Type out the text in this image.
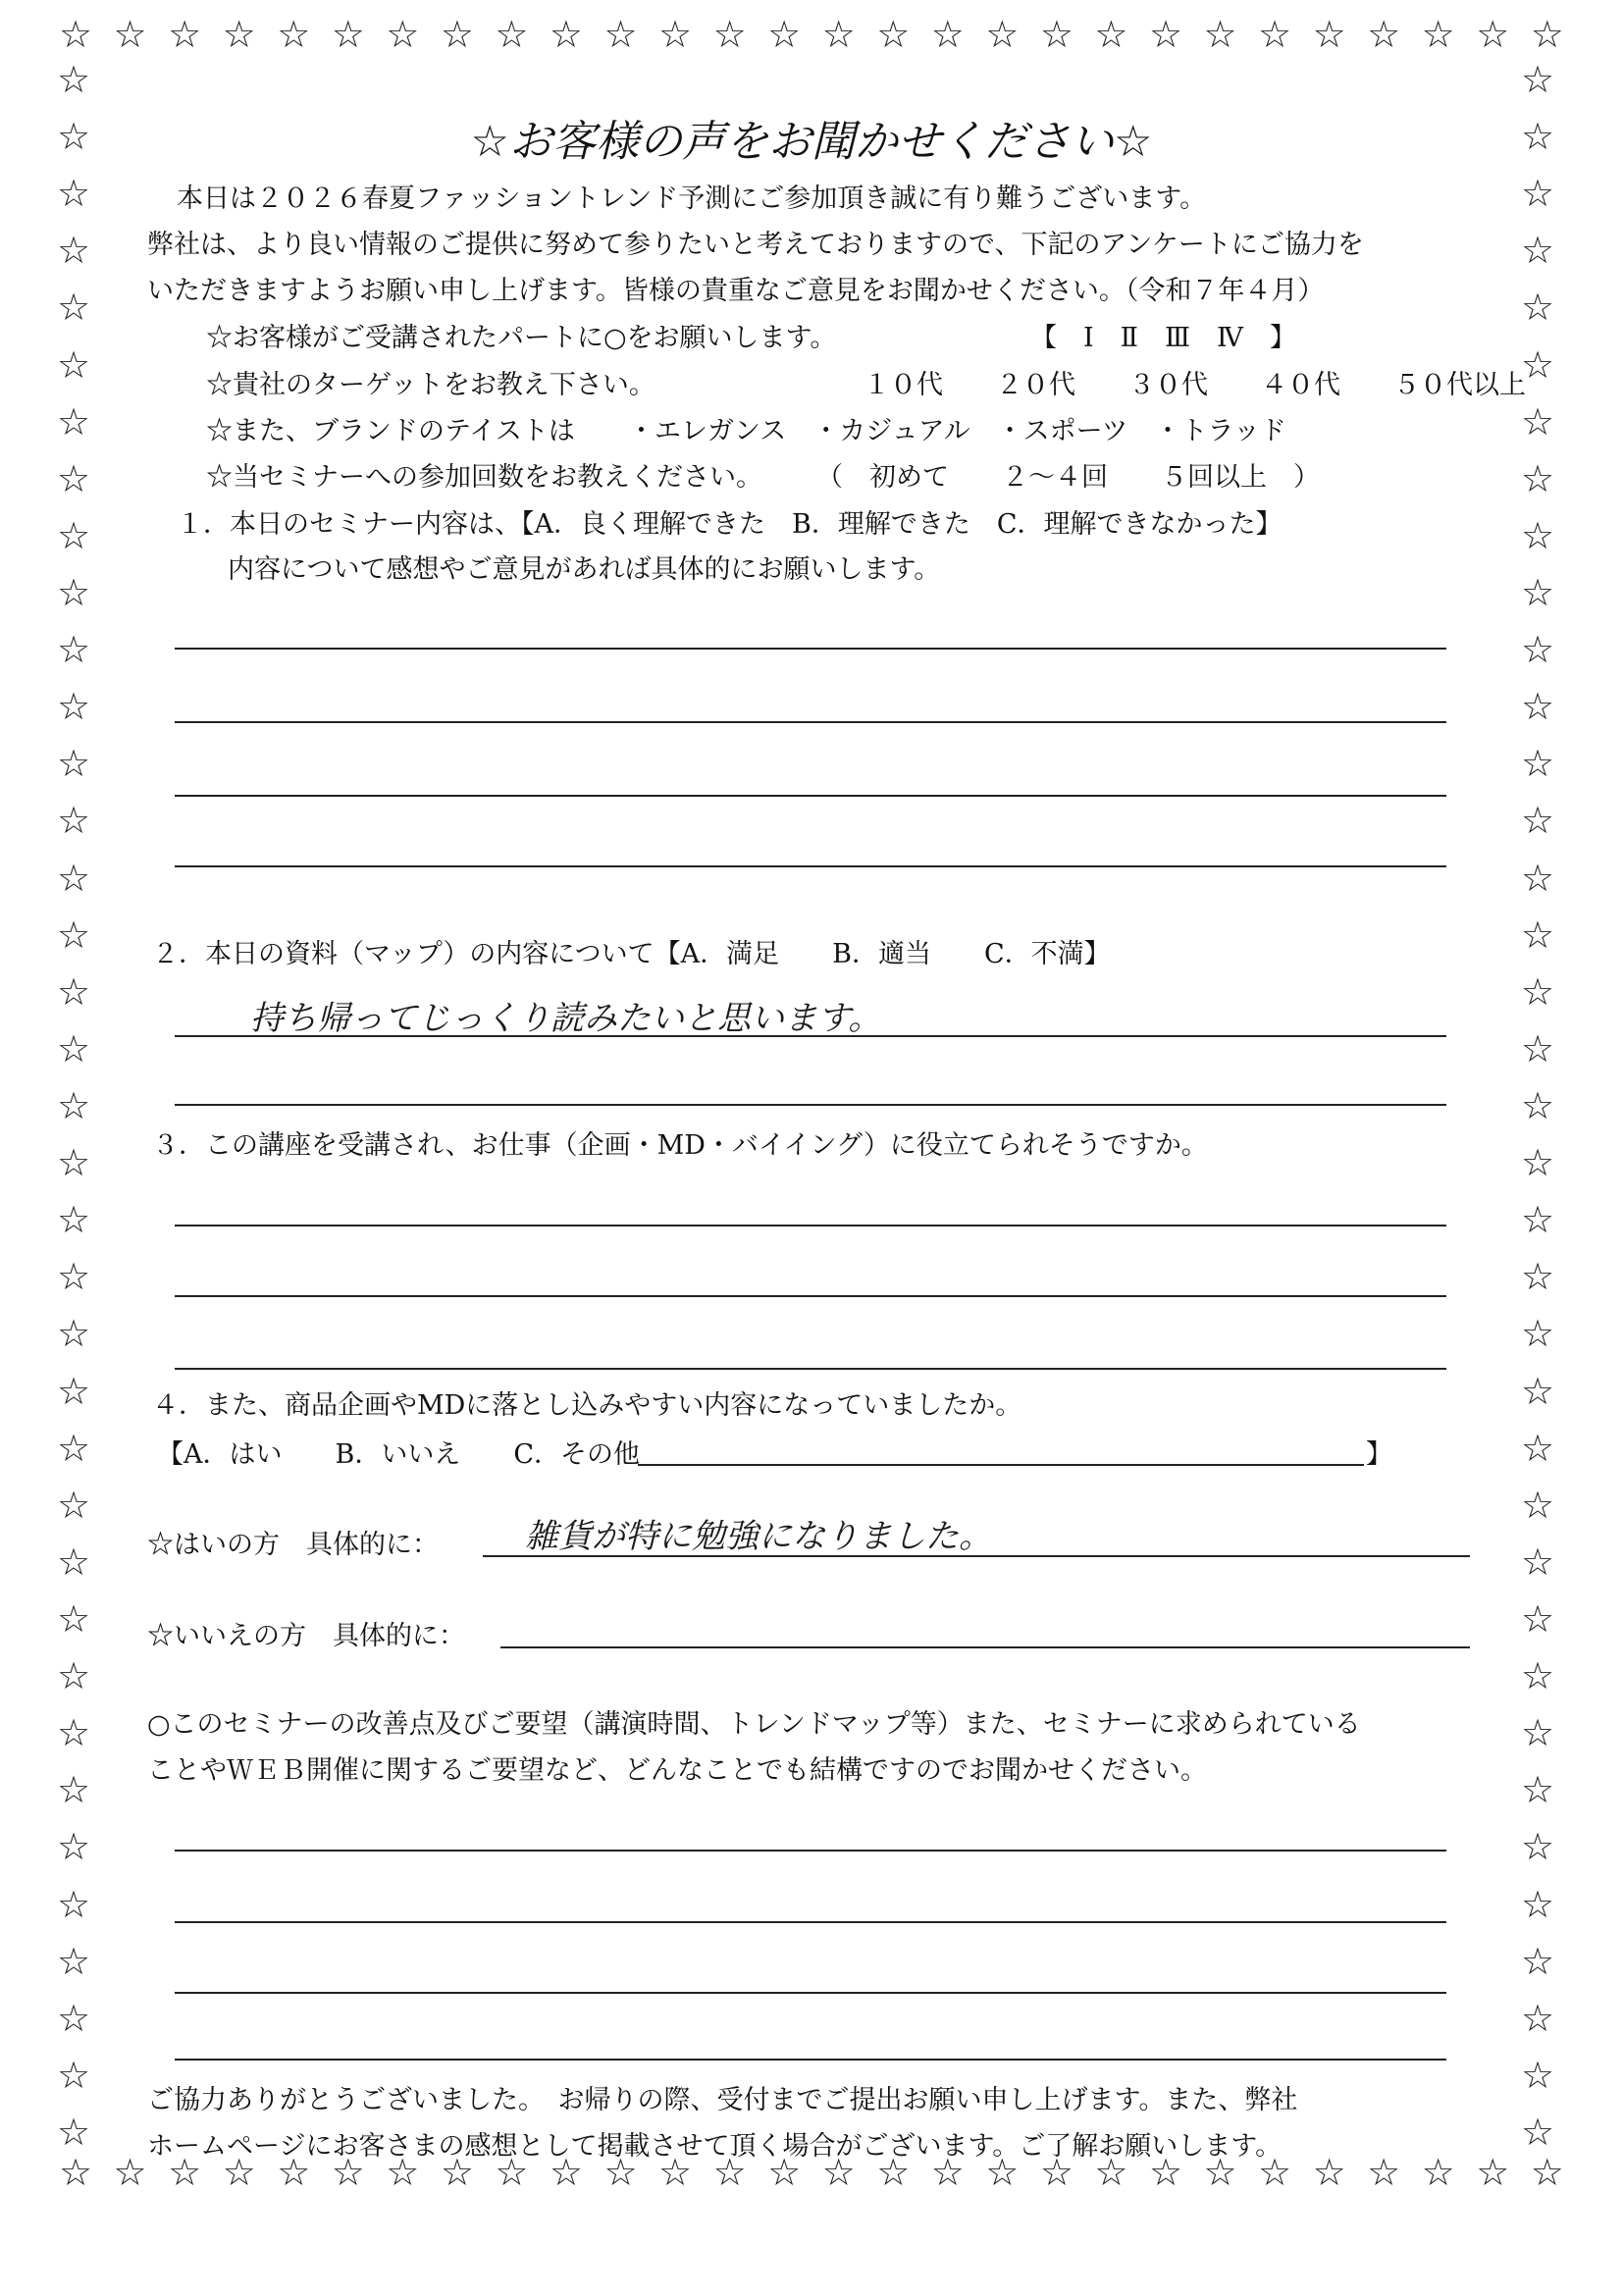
☆ ☆ ☆ ☆ ☆ ☆ ☆ ☆ ☆ ☆ ☆ ☆ ☆ ☆ ☆ ☆ ☆ ☆ ☆ ☆ ☆ ☆ ☆ ☆ ☆ ☆ ☆ ☆
☆ ☆ ☆ ☆ ☆ ☆ ☆ ☆ ☆ ☆ ☆ ☆ ☆ ☆ ☆ ☆ ☆ ☆ ☆ ☆ ☆ ☆ ☆ ☆ ☆ ☆ ☆ ☆
☆
☆
☆
☆
☆
☆
☆
☆
☆
☆
☆
☆
☆
☆
☆
☆
☆
☆
☆
☆
☆
☆
☆
☆
☆
☆
☆
☆
☆
☆
☆
☆
☆
☆
☆
☆
☆
☆
☆
☆
☆
☆
☆
☆
☆
☆
☆
☆
☆
☆
☆
☆
☆
☆
☆
☆
☆
☆
☆
☆
☆
☆
☆
☆
☆
☆
☆
☆
☆
☆
☆
☆
☆
☆
☆お客様の声をお聞かせください☆
本日は２０２６春夏ファッショントレンド予測にご参加頂き誠に有り難うございます。
弊社は、より良い情報のご提供に努めて参りたいと考えておりますので、下記のアンケートにご協力を
いただきますようお願い申し上げます。皆様の貴重なご意見をお聞かせください。（令和７年４月）
☆お客様がご受講されたパートに○をお願いします。	【　Ⅰ　Ⅱ　Ⅲ　Ⅳ　】
☆貴社のターゲットをお教え下さい。	１０代　　２０代　　３０代　　４０代　　５０代以上
☆また、ブランドのテイストは ・エレガンス　・カジュアル　・スポーツ　・トラッド
☆当セミナーへの参加回数をお教えください。 （　初めて　　２～４回　　５回以上　）
１．本日のセミナー内容は、【A．良く理解できた　B．理解できた　C．理解できなかった】
内容について感想やご意見があれば具体的にお願いします。
２．本日の資料（マップ）の内容について【A．満足　　B．適当　　C．不満】
持ち帰ってじっくり読みたいと思います。
３．この講座を受講され、お仕事（企画・MD・バイイング）に役立てられそうですか。
４．また、商品企画やMDに落とし込みやすい内容になっていましたか。
【A．はい　　B．いいえ　　C．その他	】
☆はいの方　具体的に：	雑貨が特に勉強になりました。
☆いいえの方　具体的に：
○このセミナーの改善点及びご要望（講演時間、トレンドマップ等）また、セミナーに求められている
ことやＷＥＢ開催に関するご要望など、どんなことでも結構ですのでお聞かせください。
ご協力ありがとうございました。　お帰りの際、受付までご提出お願い申し上げます。また、弊社
ホームページにお客さまの感想として掲載させて頂く場合がございます。ご了解お願いします。
